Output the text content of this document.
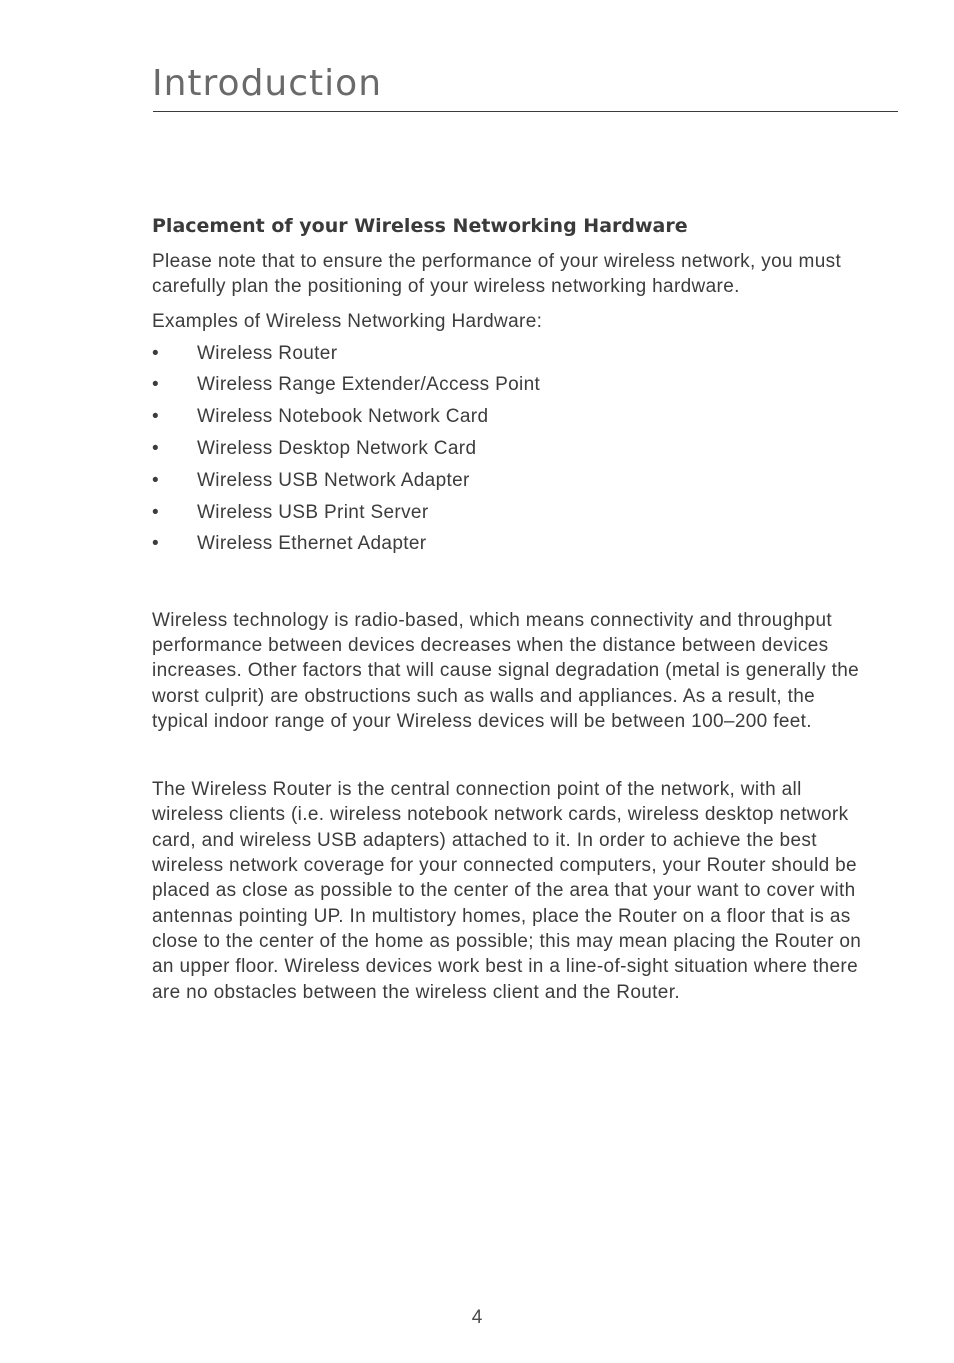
Introduction
Placement of your Wireless Networking Hardware

Please note that to ensure the performance of your wireless network, you must carefully plan the positioning of your wireless networking hardware.

Examples of Wireless Networking Hardware:

• Wireless Router
• Wireless Range Extender/Access Point
• Wireless Notebook Network Card
• Wireless Desktop Network Card
• Wireless USB Network Adapter
• Wireless USB Print Server
• Wireless Ethernet Adapter

Wireless technology is radio-based, which means connectivity and throughput performance between devices decreases when the distance between devices increases. Other factors that will cause signal degradation (metal is generally the worst culprit) are obstructions such as walls and appliances. As a result, the typical indoor range of your Wireless devices will be between 100–200 feet.

The Wireless Router is the central connection point of the network, with all wireless clients (i.e. wireless notebook network cards, wireless desktop network card, and wireless USB adapters) attached to it. In order to achieve the best wireless network coverage for your connected computers, your Router should be placed as close as possible to the center of the area that your want to cover with antennas pointing UP. In multistory homes, place the Router on a floor that is as close to the center of the home as possible; this may mean placing the Router on an upper floor. Wireless devices work best in a line-of-sight situation where there are no obstacles between the wireless client and the Router.

4
